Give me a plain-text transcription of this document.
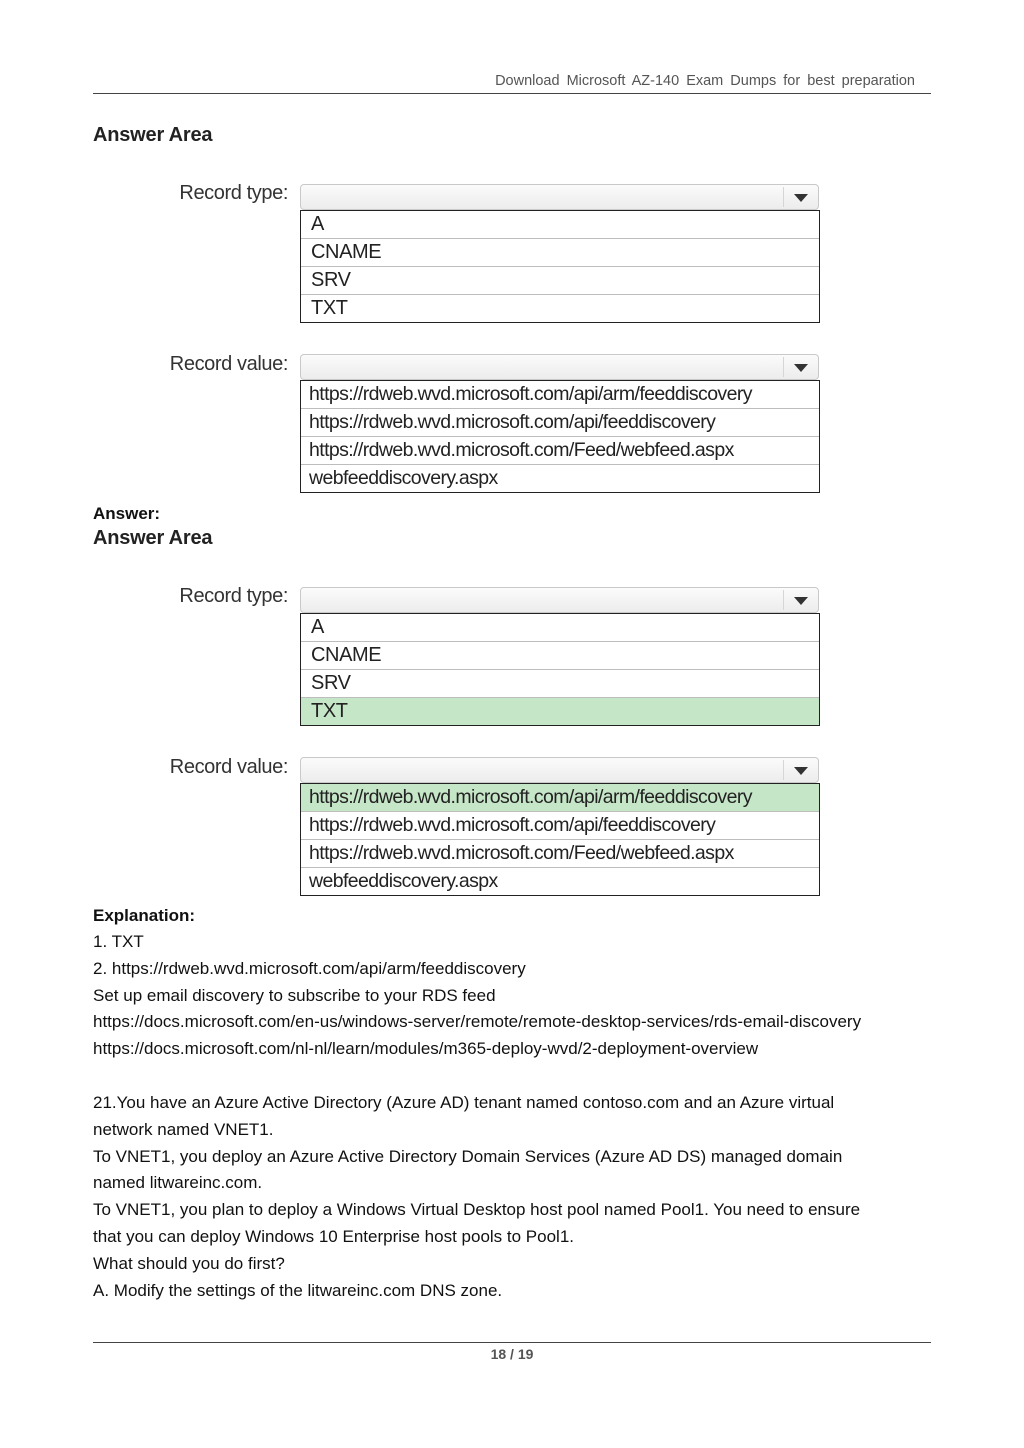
Download Microsoft AZ-140 Exam Dumps for best preparation
Answer Area
Record type:
A
CNAME
SRV
TXT
Record value:
https://rdweb.wvd.microsoft.com/api/arm/feeddiscovery
https://rdweb.wvd.microsoft.com/api/feeddiscovery
https://rdweb.wvd.microsoft.com/Feed/webfeed.aspx
webfeeddiscovery.aspx
Answer:
Answer Area
Record type:
A
CNAME
SRV
TXT
Record value:
https://rdweb.wvd.microsoft.com/api/arm/feeddiscovery
https://rdweb.wvd.microsoft.com/api/feeddiscovery
https://rdweb.wvd.microsoft.com/Feed/webfeed.aspx
webfeeddiscovery.aspx
Explanation:
1. TXT
2. https://rdweb.wvd.microsoft.com/api/arm/feeddiscovery
Set up email discovery to subscribe to your RDS feed
https://docs.microsoft.com/en-us/windows-server/remote/remote-desktop-services/rds-email-discovery
https://docs.microsoft.com/nl-nl/learn/modules/m365-deploy-wvd/2-deployment-overview
21.You have an Azure Active Directory (Azure AD) tenant named contoso.com and an Azure virtual
network named VNET1.
To VNET1, you deploy an Azure Active Directory Domain Services (Azure AD DS) managed domain
named litwareinc.com.
To VNET1, you plan to deploy a Windows Virtual Desktop host pool named Pool1. You need to ensure
that you can deploy Windows 10 Enterprise host pools to Pool1.
What should you do first?
A. Modify the settings of the litwareinc.com DNS zone.
18 / 19
